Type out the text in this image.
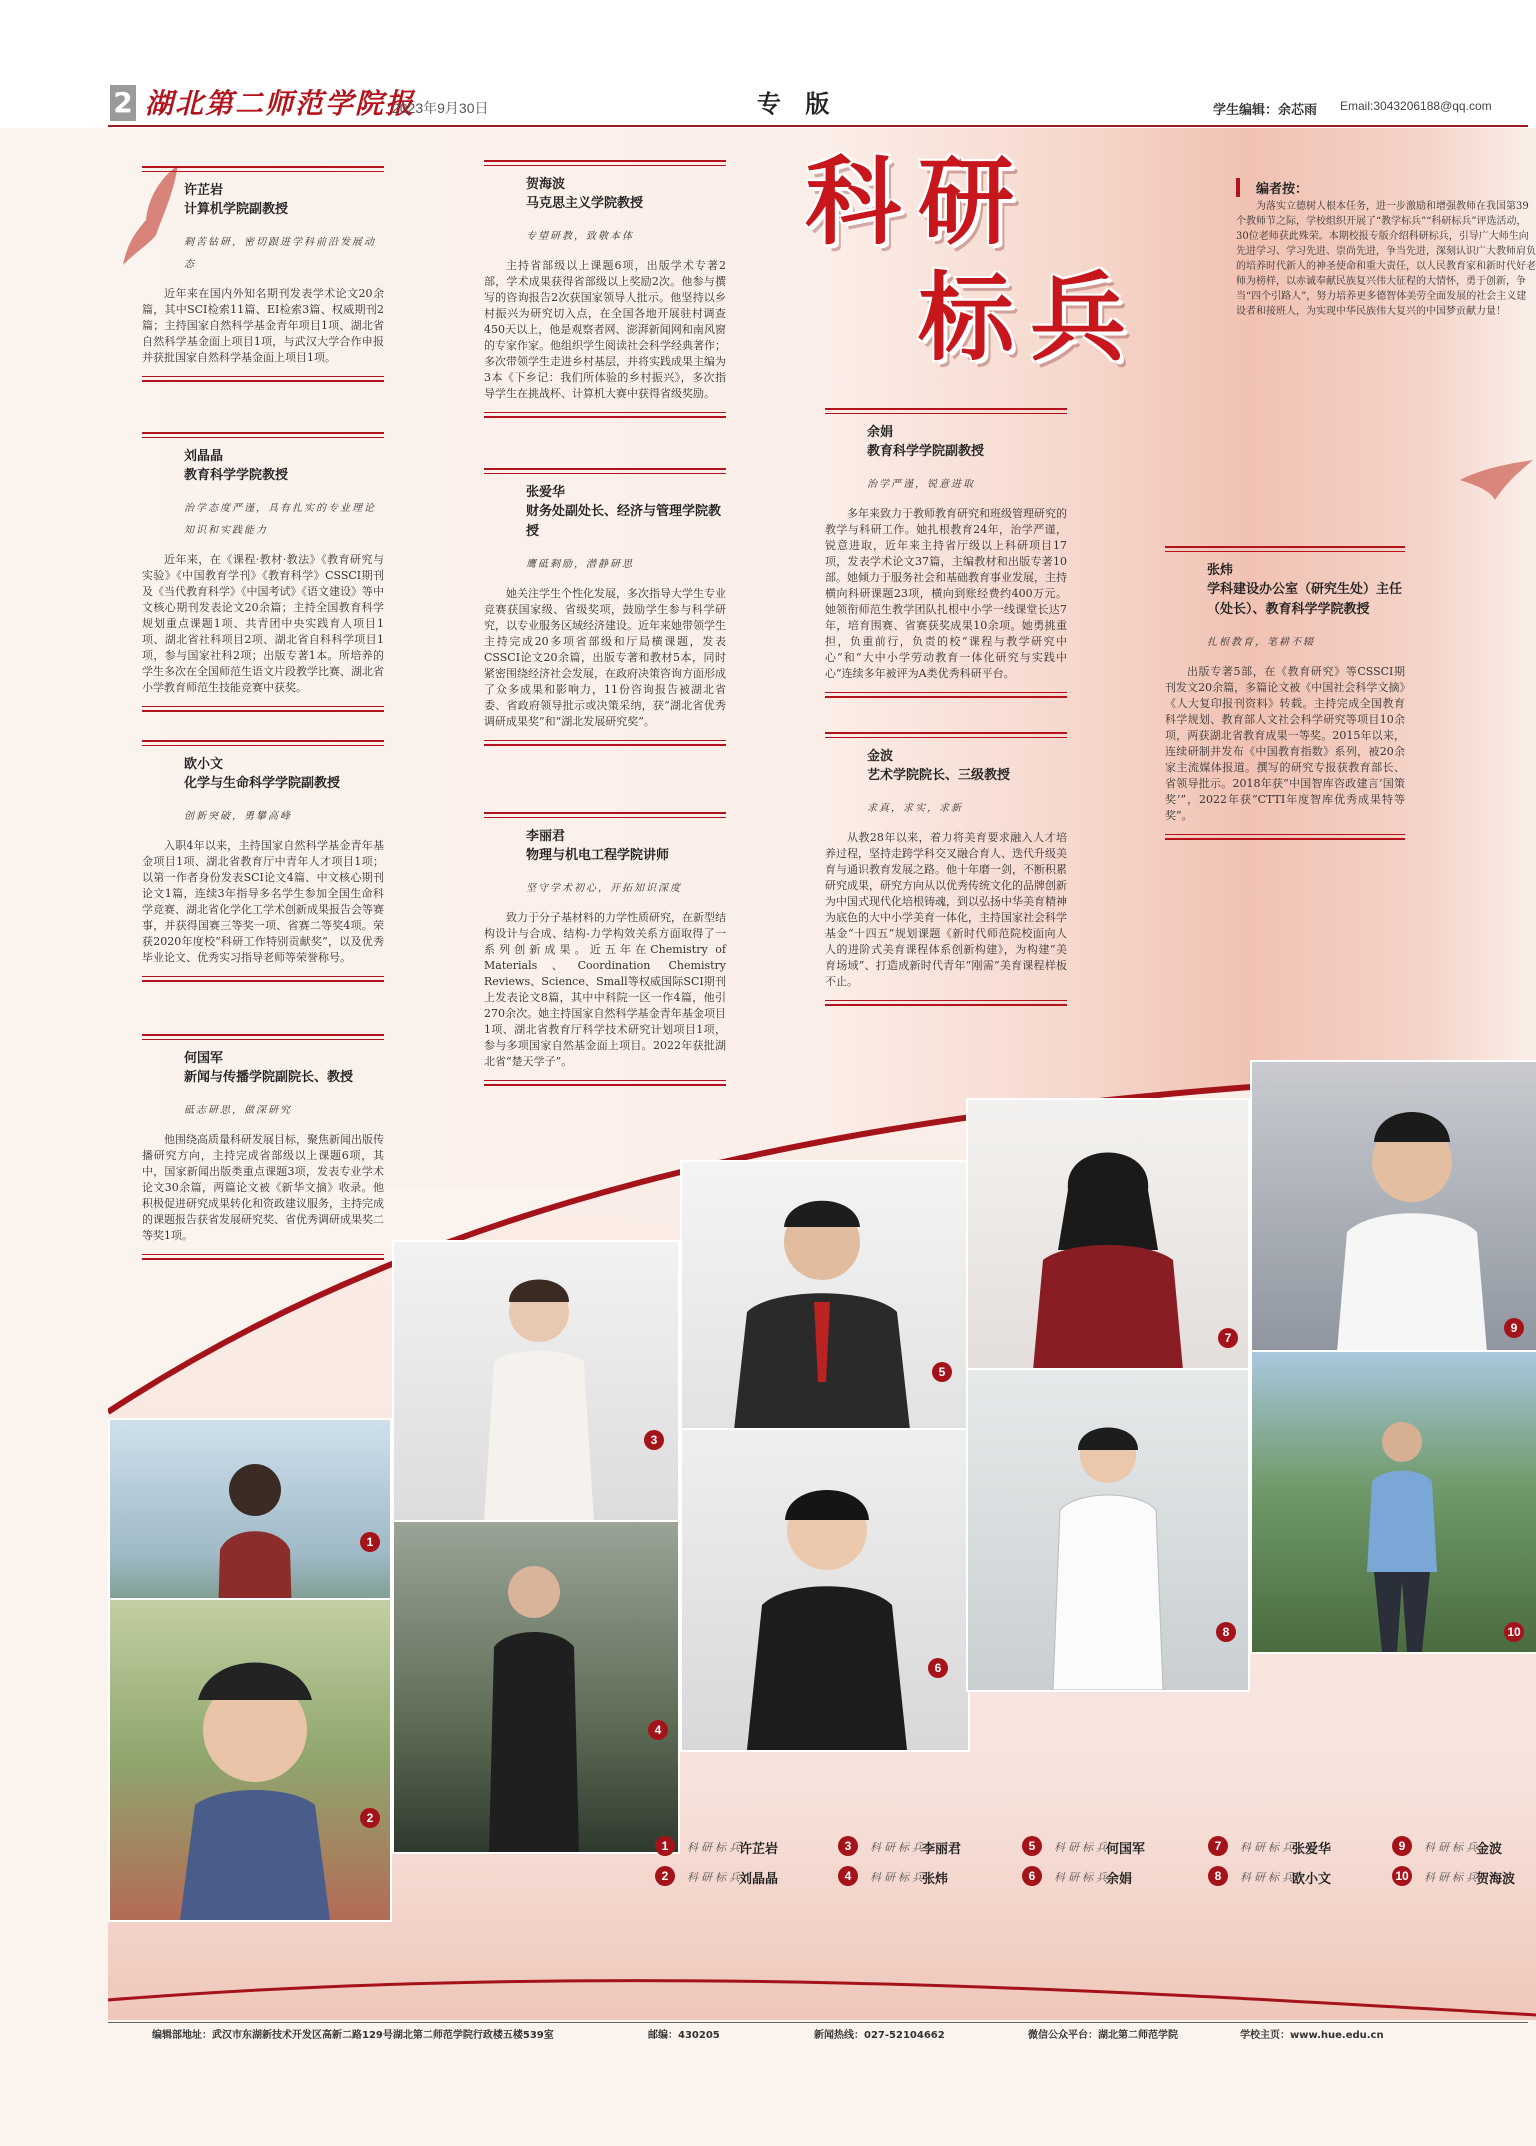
2 湖北第二师范学院报
2023年9月30日	专 版	学生编辑：余芯雨 Email:3043206188@qq.com
科 研
标 兵
编者按：
为落实立德树人根本任务，进一步激励和增强教师在我国第39个教师节之际，学校组织开展了“教学标兵”“科研标兵”评选活动，30位老师获此殊荣。本期校报专版介绍科研标兵，引导广大师生向先进学习、学习先进、崇尚先进，争当先进，深刻认识广大教师肩负的培养时代新人的神圣使命和重大责任，以人民教育家和新时代好老师为榜样，以赤诚奉献民族复兴伟大征程的大情怀，勇于创新，争当“四个引路人”，努力培养更多德智体美劳全面发展的社会主义建设者和接班人，为实现中华民族伟大复兴的中国梦贡献力量！
许芷岩
计算机学院副教授
剩苦钻研，密切跟进学科前沿发展动态
近年来在国内外知名期刊发表学术论文20余篇，其中SCI检索11篇、EI检索3篇、权威期刊2篇；主持国家自然科学基金青年项目1项、湖北省自然科学基金面上项目1项，与武汉大学合作申报并获批国家自然科学基金面上项目1项。
刘晶晶
教育科学学院教授
治学态度严谨，具有扎实的专业理论知识和实践能力
近年来，在《课程·教材·教法》《教育研究与实验》《中国教育学刊》《教育科学》CSSCI期刊及《当代教育科学》《中国考试》《语文建设》等中文核心期刊发表论文20余篇；主持全国教育科学规划重点课题1项、共青团中央实践育人项目1项、湖北省社科项目2项、湖北省自科科学项目1项，参与国家社科2项；出版专著1本。所培养的学生多次在全国师范生语文片段教学比赛、湖北省小学教育师范生技能竞赛中获奖。
欧小文
化学与生命科学学院副教授
创新突破，勇攀高峰
入职4年以来，主持国家自然科学基金青年基金项目1项、湖北省教育厅中青年人才项目1项；以第一作者身份发表SCI论文4篇、中文核心期刊论文1篇，连续3年指导多名学生参加全国生命科学竞赛、湖北省化学化工学术创新成果报告会等赛事，并获得国赛三等奖一项、省赛二等奖4项。荣获2020年度校“科研工作特别贡献奖”，以及优秀毕业论文、优秀实习指导老师等荣誉称号。
何国军
新闻与传播学院副院长、教授
砥志研思，做深研究
他围绕高质量科研发展目标，聚焦新闻出版传播研究方向，主持完成省部级以上课题6项，其中，国家新闻出版类重点课题3项，发表专业学术论文30余篇，两篇论文被《新华文摘》收录。他积极促进研究成果转化和资政建议服务，主持完成的课题报告获省发展研究奖、省优秀调研成果奖二等奖1项。
贺海波
马克思主义学院教授
专望研教，致敬本体
主持省部级以上课题6项，出版学术专著2部，学术成果获得省部级以上奖励2次。他参与撰写的咨询报告2次获国家领导人批示。他坚持以乡村振兴为研究切入点，在全国各地开展驻村调查450天以上，他是观察者网、澎湃新闻网和南风窗的专家作家。他组织学生阅读社会科学经典著作；多次带领学生走进乡村基层，并将实践成果主编为3本《下乡记：我们所体验的乡村振兴》，多次指导学生在挑战杯、计算机大赛中获得省级奖励。
张爱华
财务处副处长、经济与管理学院教授
鹰砥剩励，潜静研思
她关注学生个性化发展，多次指导大学生专业竞赛获国家级、省级奖项，鼓励学生参与科学研究，以专业服务区域经济建设。近年来她带领学生主持完成20多项省部级和厅局横课题，发表CSSCI论文20余篇，出版专著和教材5本，同时紧密围绕经济社会发展，在政府决策咨询方面形成了众多成果和影响力，11份咨询报告被湖北省委、省政府领导批示或决策采纳，获“湖北省优秀调研成果奖”和“湖北发展研究奖”。
李丽君
物理与机电工程学院讲师
坚守学术初心，开拓知识深度
致力于分子基材料的力学性质研究，在新型结构设计与合成、结构-力学构效关系方面取得了一系列创新成果。近五年在Chemistry of Materials、Coordination Chemistry Reviews、Science、Small等权威国际SCI期刊上发表论文8篇，其中中科院一区一作4篇，他引270余次。她主持国家自然科学基金青年基金项目1项、湖北省教育厅科学技术研究计划项目1项，参与多项国家自然基金面上项目。2022年获批湖北省“楚天学子”。
余娟
教育科学学院副教授
治学严谨，锐意进取
多年来致力于教师教育研究和班级管理研究的教学与科研工作。她扎根教育24年，治学严谨，锐意进取，近年来主持省厅级以上科研项目17项，发表学术论文37篇，主编教材和出版专著10部。她倾力于服务社会和基础教育事业发展，主持横向科研课题23项，横向到账经费约400万元。她领衔师范生教学团队扎根中小学一线课堂长达7年，培育围赛、省赛获奖成果10余项。她勇挑重担，负重前行，负责的校“课程与教学研究中心”和“大中小学劳动教育一体化研究与实践中心”连续多年被评为A类优秀科研平台。
金波
艺术学院院长、三级教授
求真，求实，求新
从教28年以来，着力将美育要求融入人才培养过程，坚持走跨学科交叉融合育人、迭代升级美育与通识教育发展之路。他十年磨一剑，不断积累研究成果，研究方向从以优秀传统文化的品牌创新为中国式现代化培根铸魂，到以弘扬中华美育精神为底色的大中小学美育一体化，主持国家社会科学基金“十四五”规划课题《新时代师范院校面向人人的进阶式美育课程体系创新构建》，为构建“美育场域”、打造成新时代青年“刚需”美育课程样板不止。
张炜
学科建设办公室（研究生处）主任（处长）、教育科学学院教授
扎根教育，笔耕不辍
出版专著5部，在《教育研究》等CSSCI期刊发文20余篇，多篇论文被《中国社会科学文摘》《人大复印报刊资料》转载。主持完成全国教育科学规划、教育部人文社会科学研究等项目10余项，两获湖北省教育成果一等奖。2015年以来，连续研制并发布《中国教育指数》系列，被20余家主流媒体报道。撰写的研究专报获教育部长、省领导批示。2018年获“中国智库咨政建言‘国策奖’”，2022年获“CTTI年度智库优秀成果特等奖”。
1
2
3
4
5
6
7
8
9
10
1	科研标兵
许芷岩
2	科研标兵
刘晶晶
3	科研标兵
李丽君
4	科研标兵
张炜
5	科研标兵
何国军
6	科研标兵
余娟
7	科研标兵
张爱华
8	科研标兵
欧小文
9	科研标兵
金波
10	科研标兵
贺海波
编辑部地址：武汉市东湖新技术开发区高新二路129号湖北第二师范学院行政楼五楼539室	邮编：430205	新闻热线：027-52104662	微信公众平台：湖北第二师范学院	学校主页：www.hue.edu.cn
